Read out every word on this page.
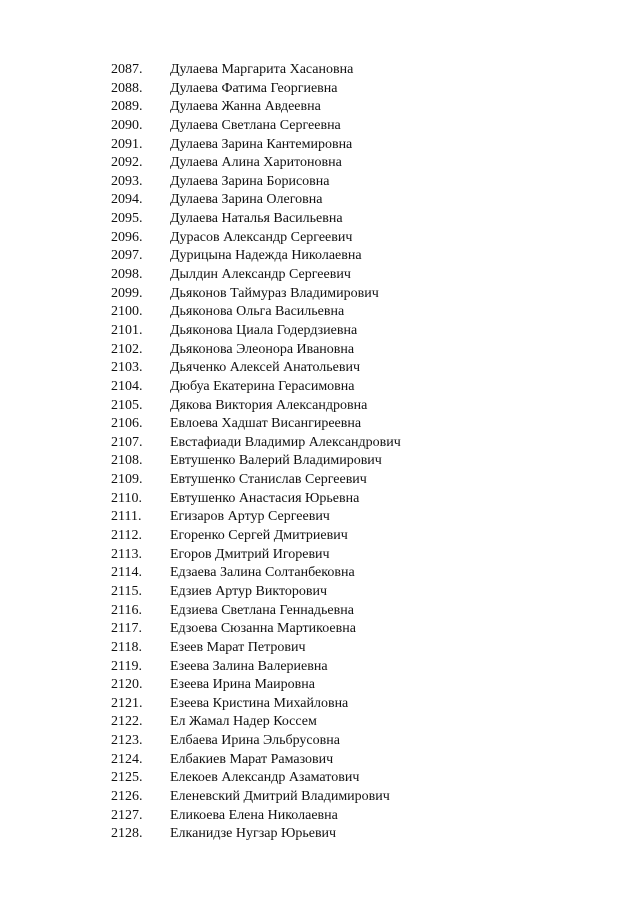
2087. Дулаева Маргарита Хасановна
2088. Дулаева Фатима Георгиевна
2089. Дулаева Жанна Авдеевна
2090. Дулаева Светлана Сергеевна
2091. Дулаева Зарина Кантемировна
2092. Дулаева Алина Харитоновна
2093. Дулаева Зарина Борисовна
2094. Дулаева Зарина Олеговна
2095. Дулаева Наталья Васильевна
2096. Дурасов Александр Сергеевич
2097. Дурицына Надежда Николаевна
2098. Дылдин Александр Сергеевич
2099. Дьяконов Таймураз Владимирович
2100. Дьяконова Ольга Васильевна
2101. Дьяконова Циала Годердзиевна
2102. Дьяконова Элеонора Ивановна
2103. Дьяченко Алексей Анатольевич
2104. Дюбуа Екатерина Герасимовна
2105. Дякова Виктория Александровна
2106. Евлоева Хадшат Висангиреевна
2107. Евстафиади Владимир Александрович
2108. Евтушенко Валерий Владимирович
2109. Евтушенко Станислав Сергеевич
2110. Евтушенко Анастасия Юрьевна
2111. Егизаров Артур Сергеевич
2112. Егоренко Сергей Дмитриевич
2113. Егоров Дмитрий Игоревич
2114. Едзаева Залина Солтанбековна
2115. Едзиев Артур Викторович
2116. Едзиева Светлана Геннадьевна
2117. Едзоева Сюзанна Мартикоевна
2118. Езеев Марат Петрович
2119. Езеева Залина Валериевна
2120. Езеева Ирина Маировна
2121. Езеева Кристина Михайловна
2122. Ел Жамал Надер Коссем
2123. Елбаева Ирина Эльбрусовна
2124. Елбакиев Марат Рамазович
2125. Елекоев Александр Азаматович
2126. Еленевский Дмитрий Владимирович
2127. Еликоева Елена Николаевна
2128. Елканидзе Нугзар Юрьевич
